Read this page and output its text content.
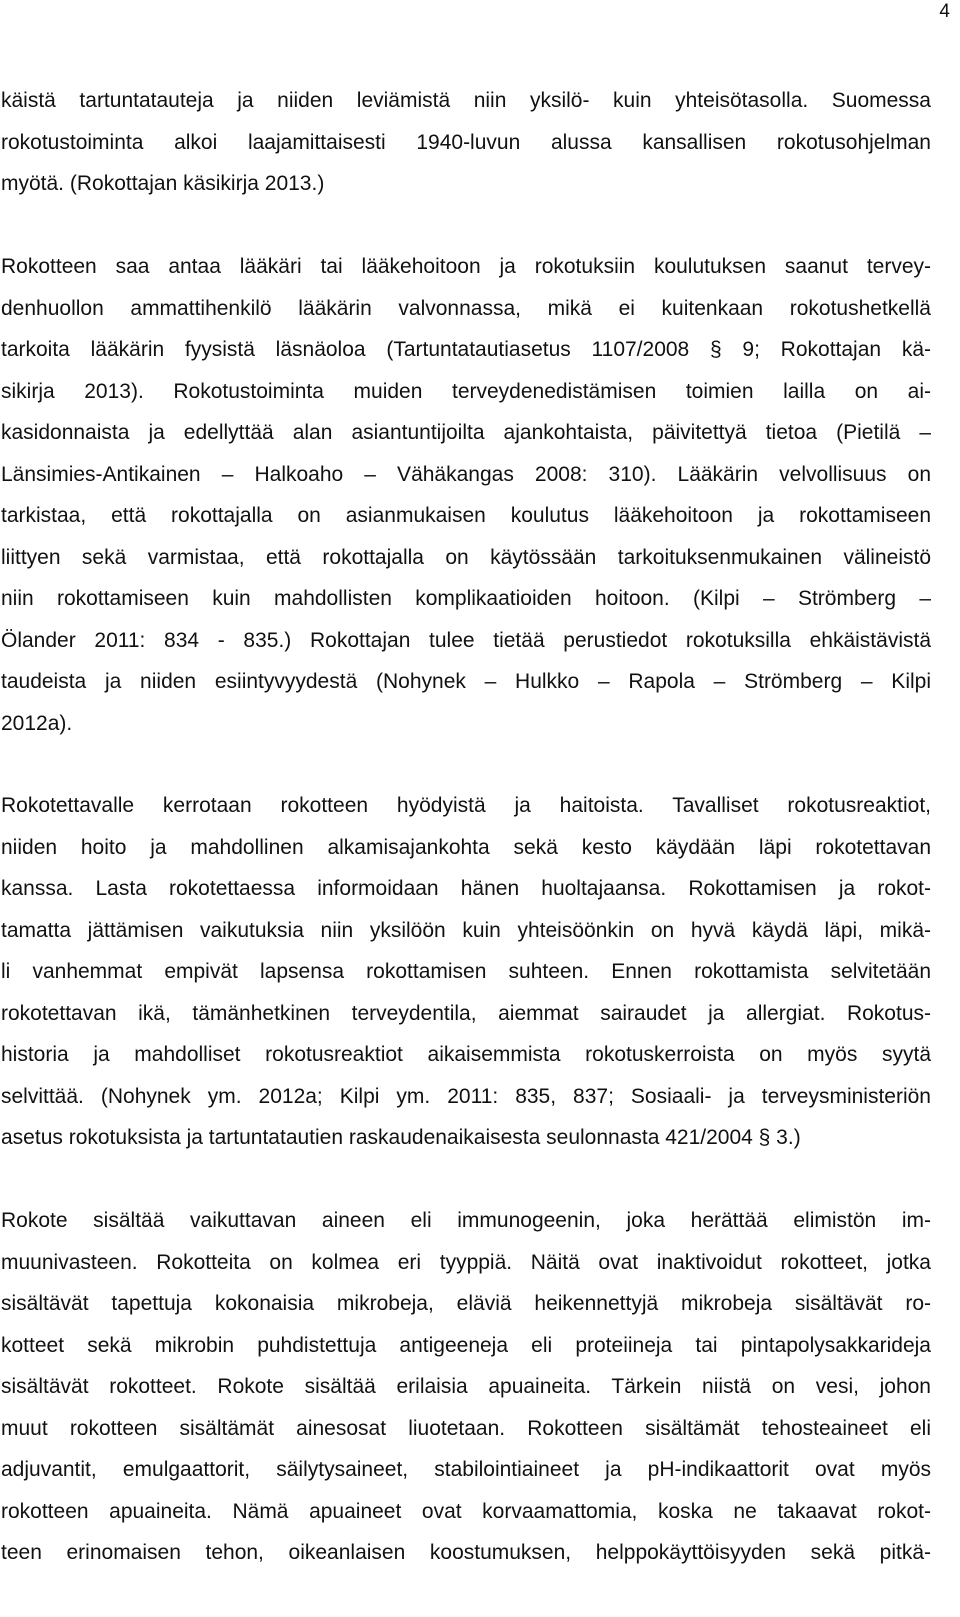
4
käistä tartuntatauteja ja niiden leviämistä niin yksilö- kuin yhteisötasolla. Suomessa
rokotustoiminta alkoi laajamittaisesti 1940-luvun alussa kansallisen rokotusohjelman
myötä. (Rokottajan käsikirja 2013.)
Rokotteen saa antaa lääkäri tai lääkehoitoon ja rokotuksiin koulutuksen saanut tervey-
denhuollon ammattihenkilö lääkärin valvonnassa, mikä ei kuitenkaan rokotushetkellä
tarkoita lääkärin fyysistä läsnäoloa (Tartuntatautiasetus 1107/2008 § 9; Rokottajan kä-
sikirja 2013). Rokotustoiminta muiden terveydenedistämisen toimien lailla on ai-
kasidonnaista ja edellyttää alan asiantuntijoilta ajankohtaista, päivitettyä tietoa (Pietilä –
Länsimies-Antikainen – Halkoaho – Vähäkangas 2008: 310). Lääkärin velvollisuus on
tarkistaa, että rokottajalla on asianmukaisen koulutus lääkehoitoon ja rokottamiseen
liittyen sekä varmistaa, että rokottajalla on käytössään tarkoituksenmukainen välineistö
niin rokottamiseen kuin mahdollisten komplikaatioiden hoitoon. (Kilpi – Strömberg –
Ölander 2011: 834 - 835.) Rokottajan tulee tietää perustiedot rokotuksilla ehkäistävistä
taudeista ja niiden esiintyvyydestä (Nohynek – Hulkko – Rapola – Strömberg – Kilpi
2012a).
Rokotettavalle kerrotaan rokotteen hyödyistä ja haitoista. Tavalliset rokotusreaktiot,
niiden hoito ja mahdollinen alkamisajankohta sekä kesto käydään läpi rokotettavan
kanssa. Lasta rokotettaessa informoidaan hänen huoltajaansa. Rokottamisen ja rokot-
tamatta jättämisen vaikutuksia niin yksilöön kuin yhteisöönkin on hyvä käydä läpi, mikä-
li vanhemmat empivät lapsensa rokottamisen suhteen. Ennen rokottamista selvitetään
rokotettavan ikä, tämänhetkinen terveydentila, aiemmat sairaudet ja allergiat. Rokotus-
historia ja mahdolliset rokotusreaktiot aikaisemmista rokotuskerroista on myös syytä
selvittää. (Nohynek ym. 2012a; Kilpi ym. 2011: 835, 837; Sosiaali- ja terveysministeriön
asetus rokotuksista ja tartuntatautien raskaudenaikaisesta seulonnasta 421/2004 § 3.)
Rokote sisältää vaikuttavan aineen eli immunogeenin, joka herättää elimistön im-
muunivasteen. Rokotteita on kolmea eri tyyppiä. Näitä ovat inaktivoidut rokotteet, jotka
sisältävät tapettuja kokonaisia mikrobeja, eläviä heikennettyjä mikrobeja sisältävät ro-
kotteet sekä mikrobin puhdistettuja antigeeneja eli proteiineja tai pintapolysakkarideja
sisältävät rokotteet. Rokote sisältää erilaisia apuaineita. Tärkein niistä on vesi, johon
muut rokotteen sisältämät ainesosat liuotetaan. Rokotteen sisältämät tehosteaineet eli
adjuvantit, emulgaattorit, säilytysaineet, stabilointiaineet ja pH-indikaattorit ovat myös
rokotteen apuaineita. Nämä apuaineet ovat korvaamattomia, koska ne takaavat rokot-
teen erinomaisen tehon, oikeanlaisen koostumuksen, helppokäyttöisyyden sekä pitkä-
